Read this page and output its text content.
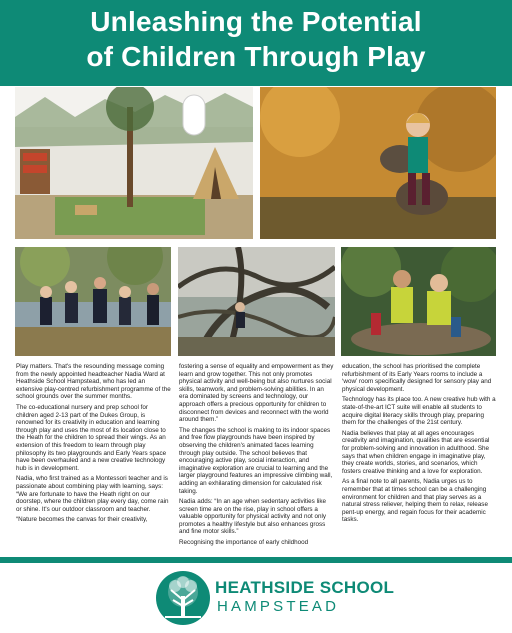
Unleashing the Potential
of Children Through Play

Play matters. That's the resounding message coming from the newly appointed headteacher Nadia Ward at Heathside School Hampstead, who has led an extensive play-centred refurbishment programme of the school grounds over the summer months.

The co-educational nursery and prep school for children aged 2-13 part of the Dukes Group, is renowned for its creativity in education and learning through play and uses the most of its location close to the Heath for the children to spread their wings. As an extension of this freedom to learn through play philosophy its two playgrounds and Early Years space have been overhauled and a new creative technology hub is in development.

Nadia, who first trained as a Montessori teacher and is passionate about combining play with learning, says: “We are fortunate to have the Heath right on our doorstep, where the children play every day, come rain or shine. It's our outdoor classroom and teacher.

“Nature becomes the canvas for their creativity,

fostering a sense of equality and empowerment as they learn and grow together. This not only promotes physical activity and well-being but also nurtures social skills, teamwork, and problem-solving abilities. In an era dominated by screens and technology, our approach offers a precious opportunity for children to disconnect from devices and reconnect with the world around them.”

The changes the school is making to its indoor spaces and free flow playgrounds have been inspired by observing the children's animated faces learning through play outside. The school believes that encouraging active play, social interaction, and imaginative exploration are crucial to learning and the larger playground features an impressive climbing wall, adding an exhilarating dimension for calculated risk taking.

Nadia adds: “In an age when sedentary activities like screen time are on the rise, play in school offers a valuable opportunity for physical activity and not only promotes a healthy lifestyle but also enhances gross and fine motor skills.”

Recognising the importance of early childhood

education, the school has prioritised the complete refurbishment of its Early Years rooms to include a ‘wow’ room specifically designed for sensory play and physical development.

Technology has its place too. A new creative hub with a state-of-the-art ICT suite will enable all students to acquire digital literacy skills through play, preparing them for the challenges of the 21st century.

Nadia believes that play at all ages encourages creativity and imagination, qualities that are essential for problem-solving and innovation in adulthood. She says that when children engage in imaginative play, they create worlds, stories, and scenarios, which fosters creative thinking and a love for exploration.

As a final note to all parents, Nadia urges us to remember that at times school can be a challenging environment for children and that play serves as a natural stress reliever, helping them to relax, release pent-up energy, and regain focus for their academic tasks.

HEATHSIDE SCHOOL
HAMPSTEAD
